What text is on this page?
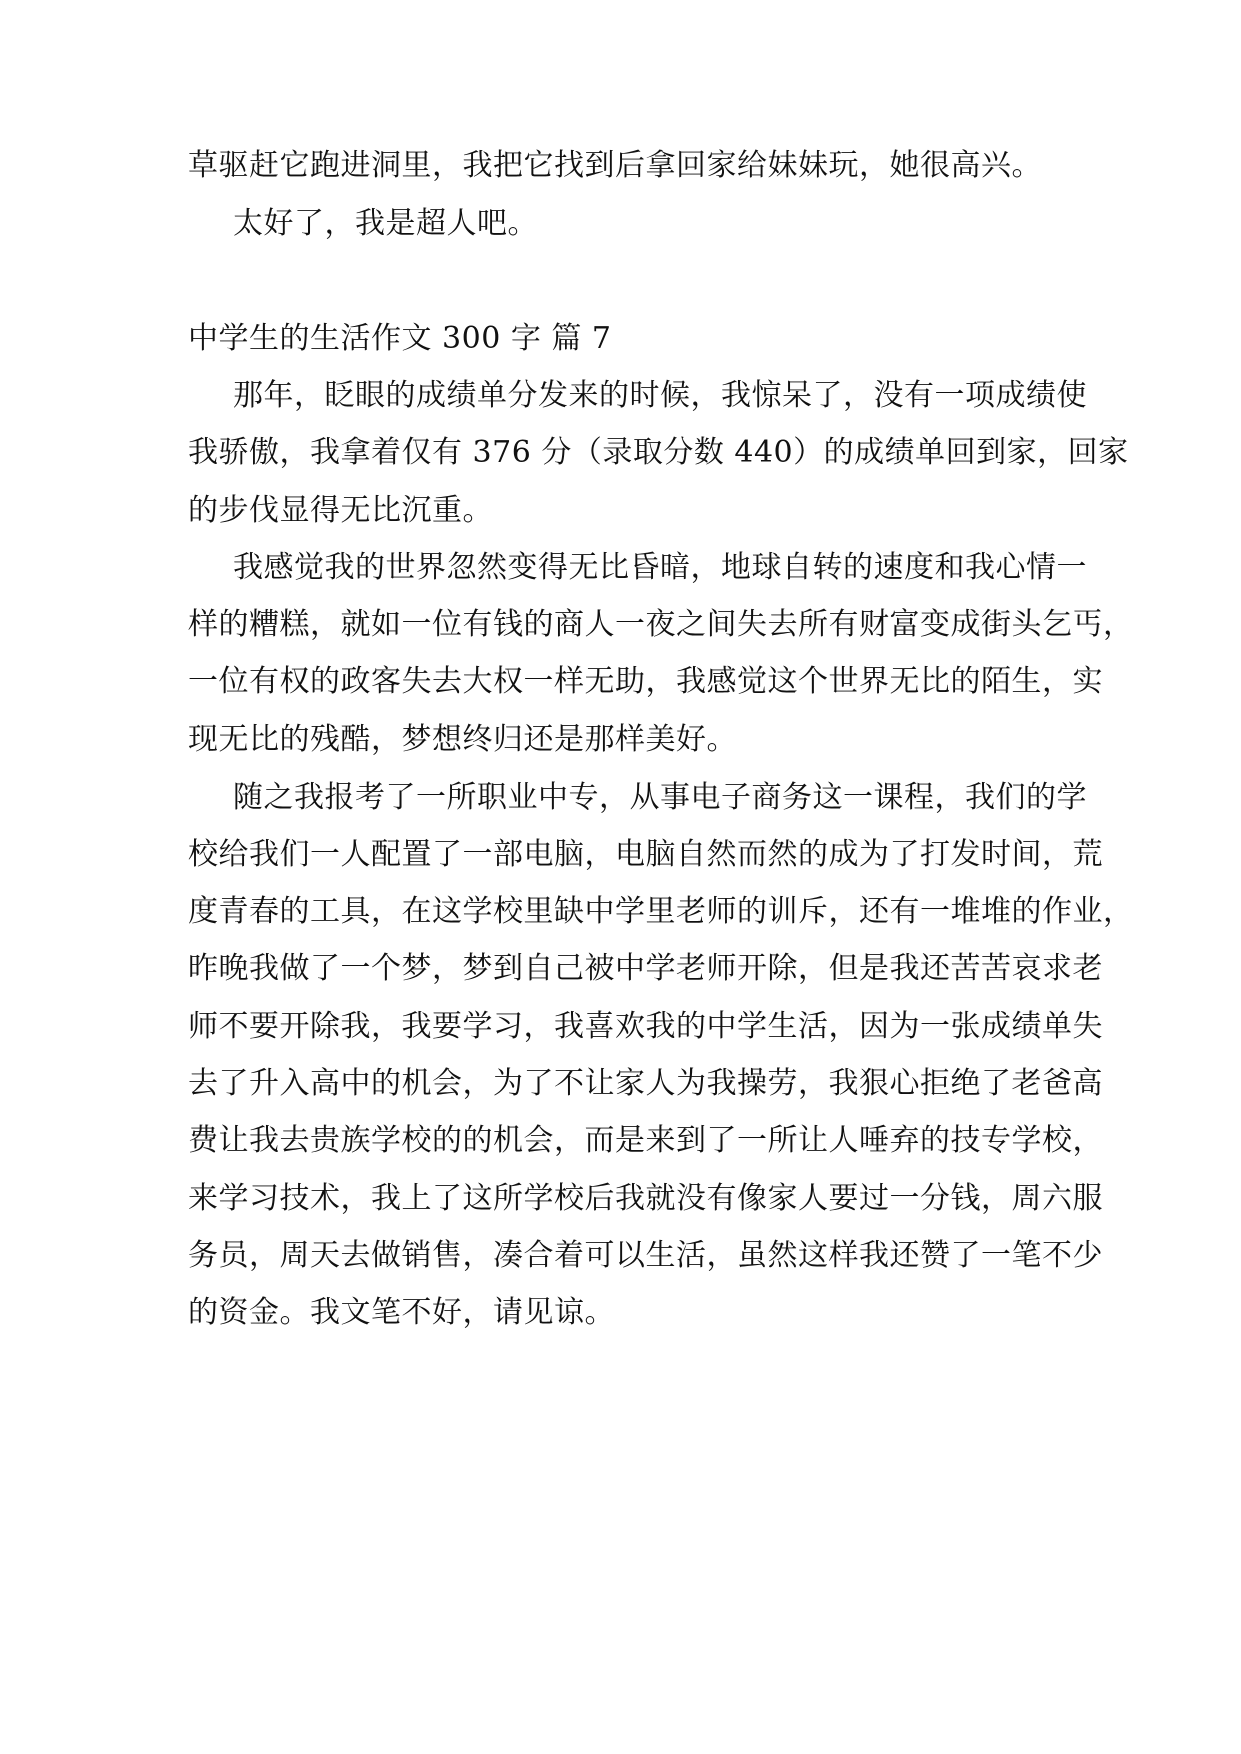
草驱赶它跑进洞里，我把它找到后拿回家给妹妹玩，她很高兴。
太好了，我是超人吧。
中学生的生活作文 300 字 篇 7
那年，眨眼的成绩单分发来的时候，我惊呆了，没有一项成绩使
我骄傲，我拿着仅有 376 分（录取分数 440）的成绩单回到家，回家
的步伐显得无比沉重。
我感觉我的世界忽然变得无比昏暗，地球自转的速度和我心情一
样的糟糕，就如一位有钱的商人一夜之间失去所有财富变成街头乞丐，
一位有权的政客失去大权一样无助，我感觉这个世界无比的陌生，实
现无比的残酷，梦想终归还是那样美好。
随之我报考了一所职业中专，从事电子商务这一课程，我们的学
校给我们一人配置了一部电脑，电脑自然而然的成为了打发时间，荒
度青春的工具，在这学校里缺中学里老师的训斥，还有一堆堆的作业，
昨晚我做了一个梦，梦到自己被中学老师开除，但是我还苦苦哀求老
师不要开除我，我要学习，我喜欢我的中学生活，因为一张成绩单失
去了升入高中的机会，为了不让家人为我操劳，我狠心拒绝了老爸高
费让我去贵族学校的的机会，而是来到了一所让人唾弃的技专学校，
来学习技术，我上了这所学校后我就没有像家人要过一分钱，周六服
务员，周天去做销售，凑合着可以生活，虽然这样我还赞了一笔不少
的资金。我文笔不好，请见谅。
